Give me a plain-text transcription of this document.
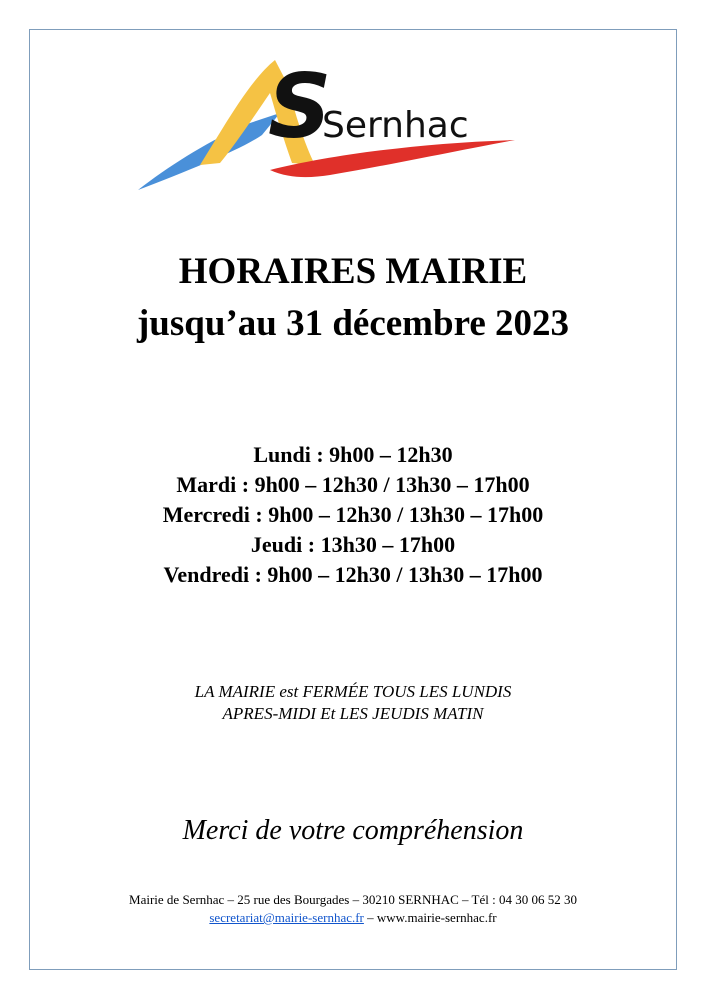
S
Sernhac
HORAIRES MAIRIE
jusqu’au 31 décembre 2023
Lundi : 9h00 – 12h30
Mardi : 9h00 – 12h30 / 13h30 – 17h00
Mercredi : 9h00 – 12h30 / 13h30 – 17h00
Jeudi : 13h30 – 17h00
Vendredi : 9h00 – 12h30 / 13h30 – 17h00
LA MAIRIE est FERMÉE TOUS LES LUNDIS
APRES-MIDI Et LES JEUDIS MATIN
Merci de votre compréhension
Mairie de Sernhac – 25 rue des Bourgades – 30210 SERNHAC – Tél : 04 30 06 52 30
secretariat@mairie-sernhac.fr – www.mairie-sernhac.fr
